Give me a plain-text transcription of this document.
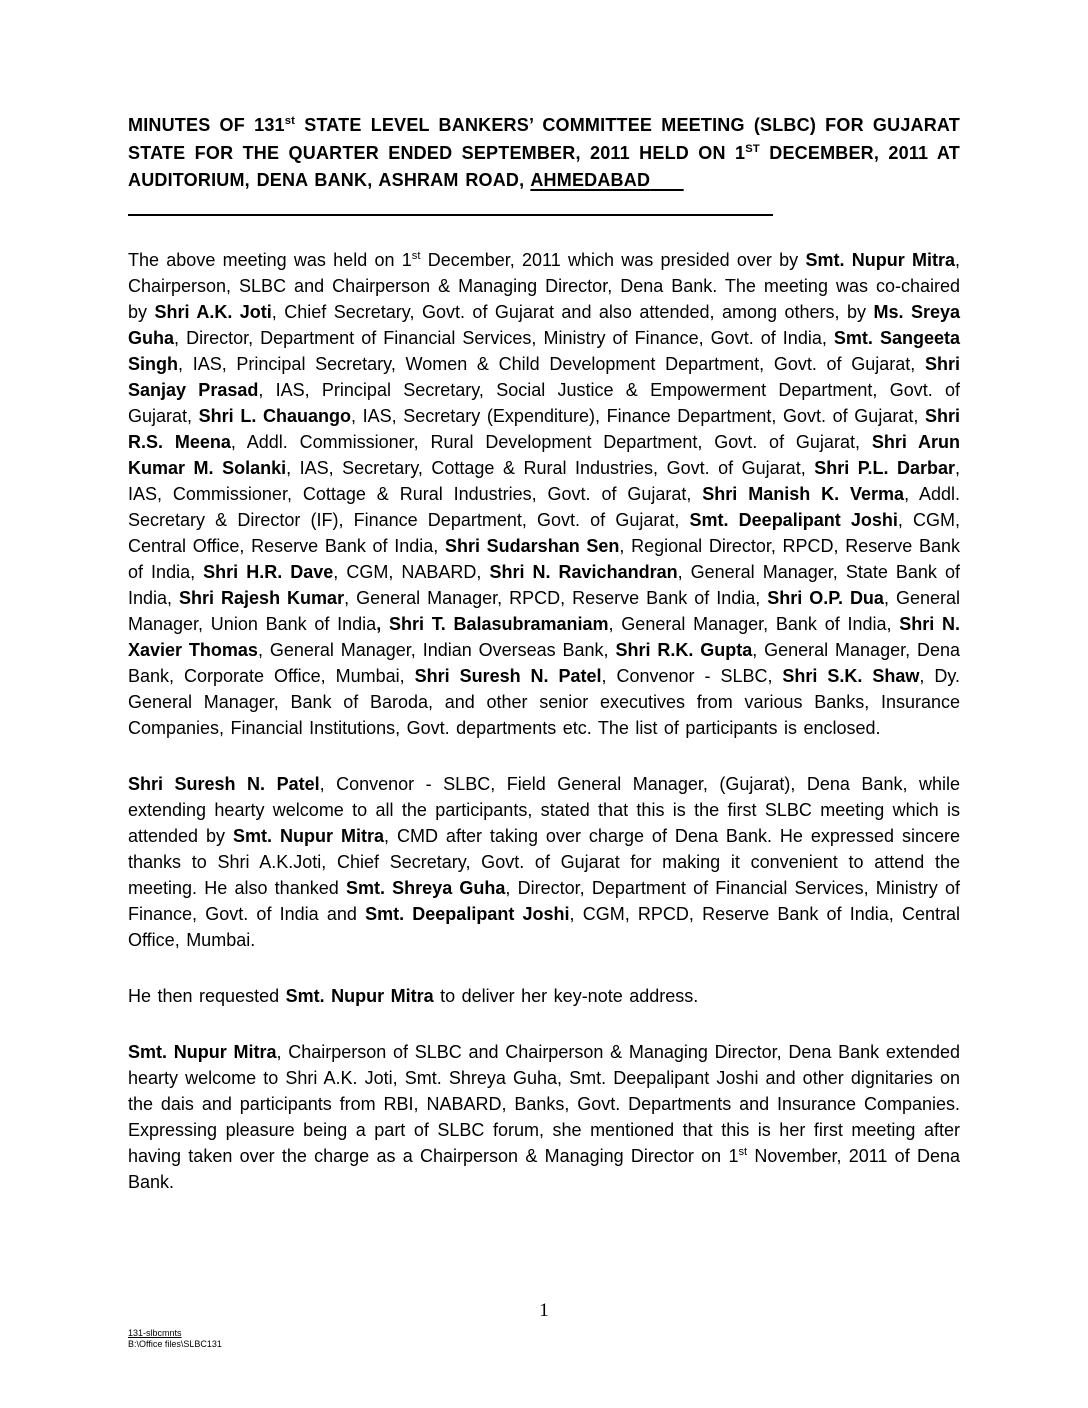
MINUTES OF 131st STATE LEVEL BANKERS’ COMMITTEE MEETING (SLBC) FOR GUJARAT STATE FOR THE QUARTER ENDED SEPTEMBER, 2011 HELD ON 1ST DECEMBER, 2011 AT AUDITORIUM, DENA BANK, ASHRAM ROAD, AHMEDABAD

The above meeting was held on 1st December, 2011 which was presided over by Smt. Nupur Mitra, Chairperson, SLBC and Chairperson & Managing Director, Dena Bank. The meeting was co-chaired by Shri A.K. Joti, Chief Secretary, Govt. of Gujarat and also attended, among others, by Ms. Sreya Guha, Director, Department of Financial Services, Ministry of Finance, Govt. of India, Smt. Sangeeta Singh, IAS, Principal Secretary, Women & Child Development Department, Govt. of Gujarat, Shri Sanjay Prasad, IAS, Principal Secretary, Social Justice & Empowerment Department, Govt. of Gujarat, Shri L. Chauango, IAS, Secretary (Expenditure), Finance Department, Govt. of Gujarat, Shri R.S. Meena, Addl. Commissioner, Rural Development Department, Govt. of Gujarat, Shri Arun Kumar M. Solanki, IAS, Secretary, Cottage & Rural Industries, Govt. of Gujarat, Shri P.L. Darbar, IAS, Commissioner, Cottage & Rural Industries, Govt. of Gujarat, Shri Manish K. Verma, Addl. Secretary & Director (IF), Finance Department, Govt. of Gujarat, Smt. Deepalipant Joshi, CGM, Central Office, Reserve Bank of India, Shri Sudarshan Sen, Regional Director, RPCD, Reserve Bank of India, Shri H.R. Dave, CGM, NABARD, Shri N. Ravichandran, General Manager, State Bank of India, Shri Rajesh Kumar, General Manager, RPCD, Reserve Bank of India, Shri O.P. Dua, General Manager, Union Bank of India, Shri T. Balasubramaniam, General Manager, Bank of India, Shri N. Xavier Thomas, General Manager, Indian Overseas Bank, Shri R.K. Gupta, General Manager, Dena Bank, Corporate Office, Mumbai, Shri Suresh N. Patel, Convenor - SLBC, Shri S.K. Shaw, Dy. General Manager, Bank of Baroda, and other senior executives from various Banks, Insurance Companies, Financial Institutions, Govt. departments etc. The list of participants is enclosed.

Shri Suresh N. Patel, Convenor - SLBC, Field General Manager, (Gujarat), Dena Bank, while extending hearty welcome to all the participants, stated that this is the first SLBC meeting which is attended by Smt. Nupur Mitra, CMD after taking over charge of Dena Bank. He expressed sincere thanks to Shri A.K.Joti, Chief Secretary, Govt. of Gujarat for making it convenient to attend the meeting. He also thanked Smt. Shreya Guha, Director, Department of Financial Services, Ministry of Finance, Govt. of India and Smt. Deepalipant Joshi, CGM, RPCD, Reserve Bank of India, Central Office, Mumbai.

He then requested Smt. Nupur Mitra to deliver her key-note address.

Smt. Nupur Mitra, Chairperson of SLBC and Chairperson & Managing Director, Dena Bank extended hearty welcome to Shri A.K. Joti, Smt. Shreya Guha, Smt. Deepalipant Joshi and other dignitaries on the dais and participants from RBI, NABARD, Banks, Govt. Departments and Insurance Companies. Expressing pleasure being a part of SLBC forum, she mentioned that this is her first meeting after having taken over the charge as a Chairperson & Managing Director on 1st November, 2011 of Dena Bank.

1
131-slbcmnts
B:\Office files\SLBC131
